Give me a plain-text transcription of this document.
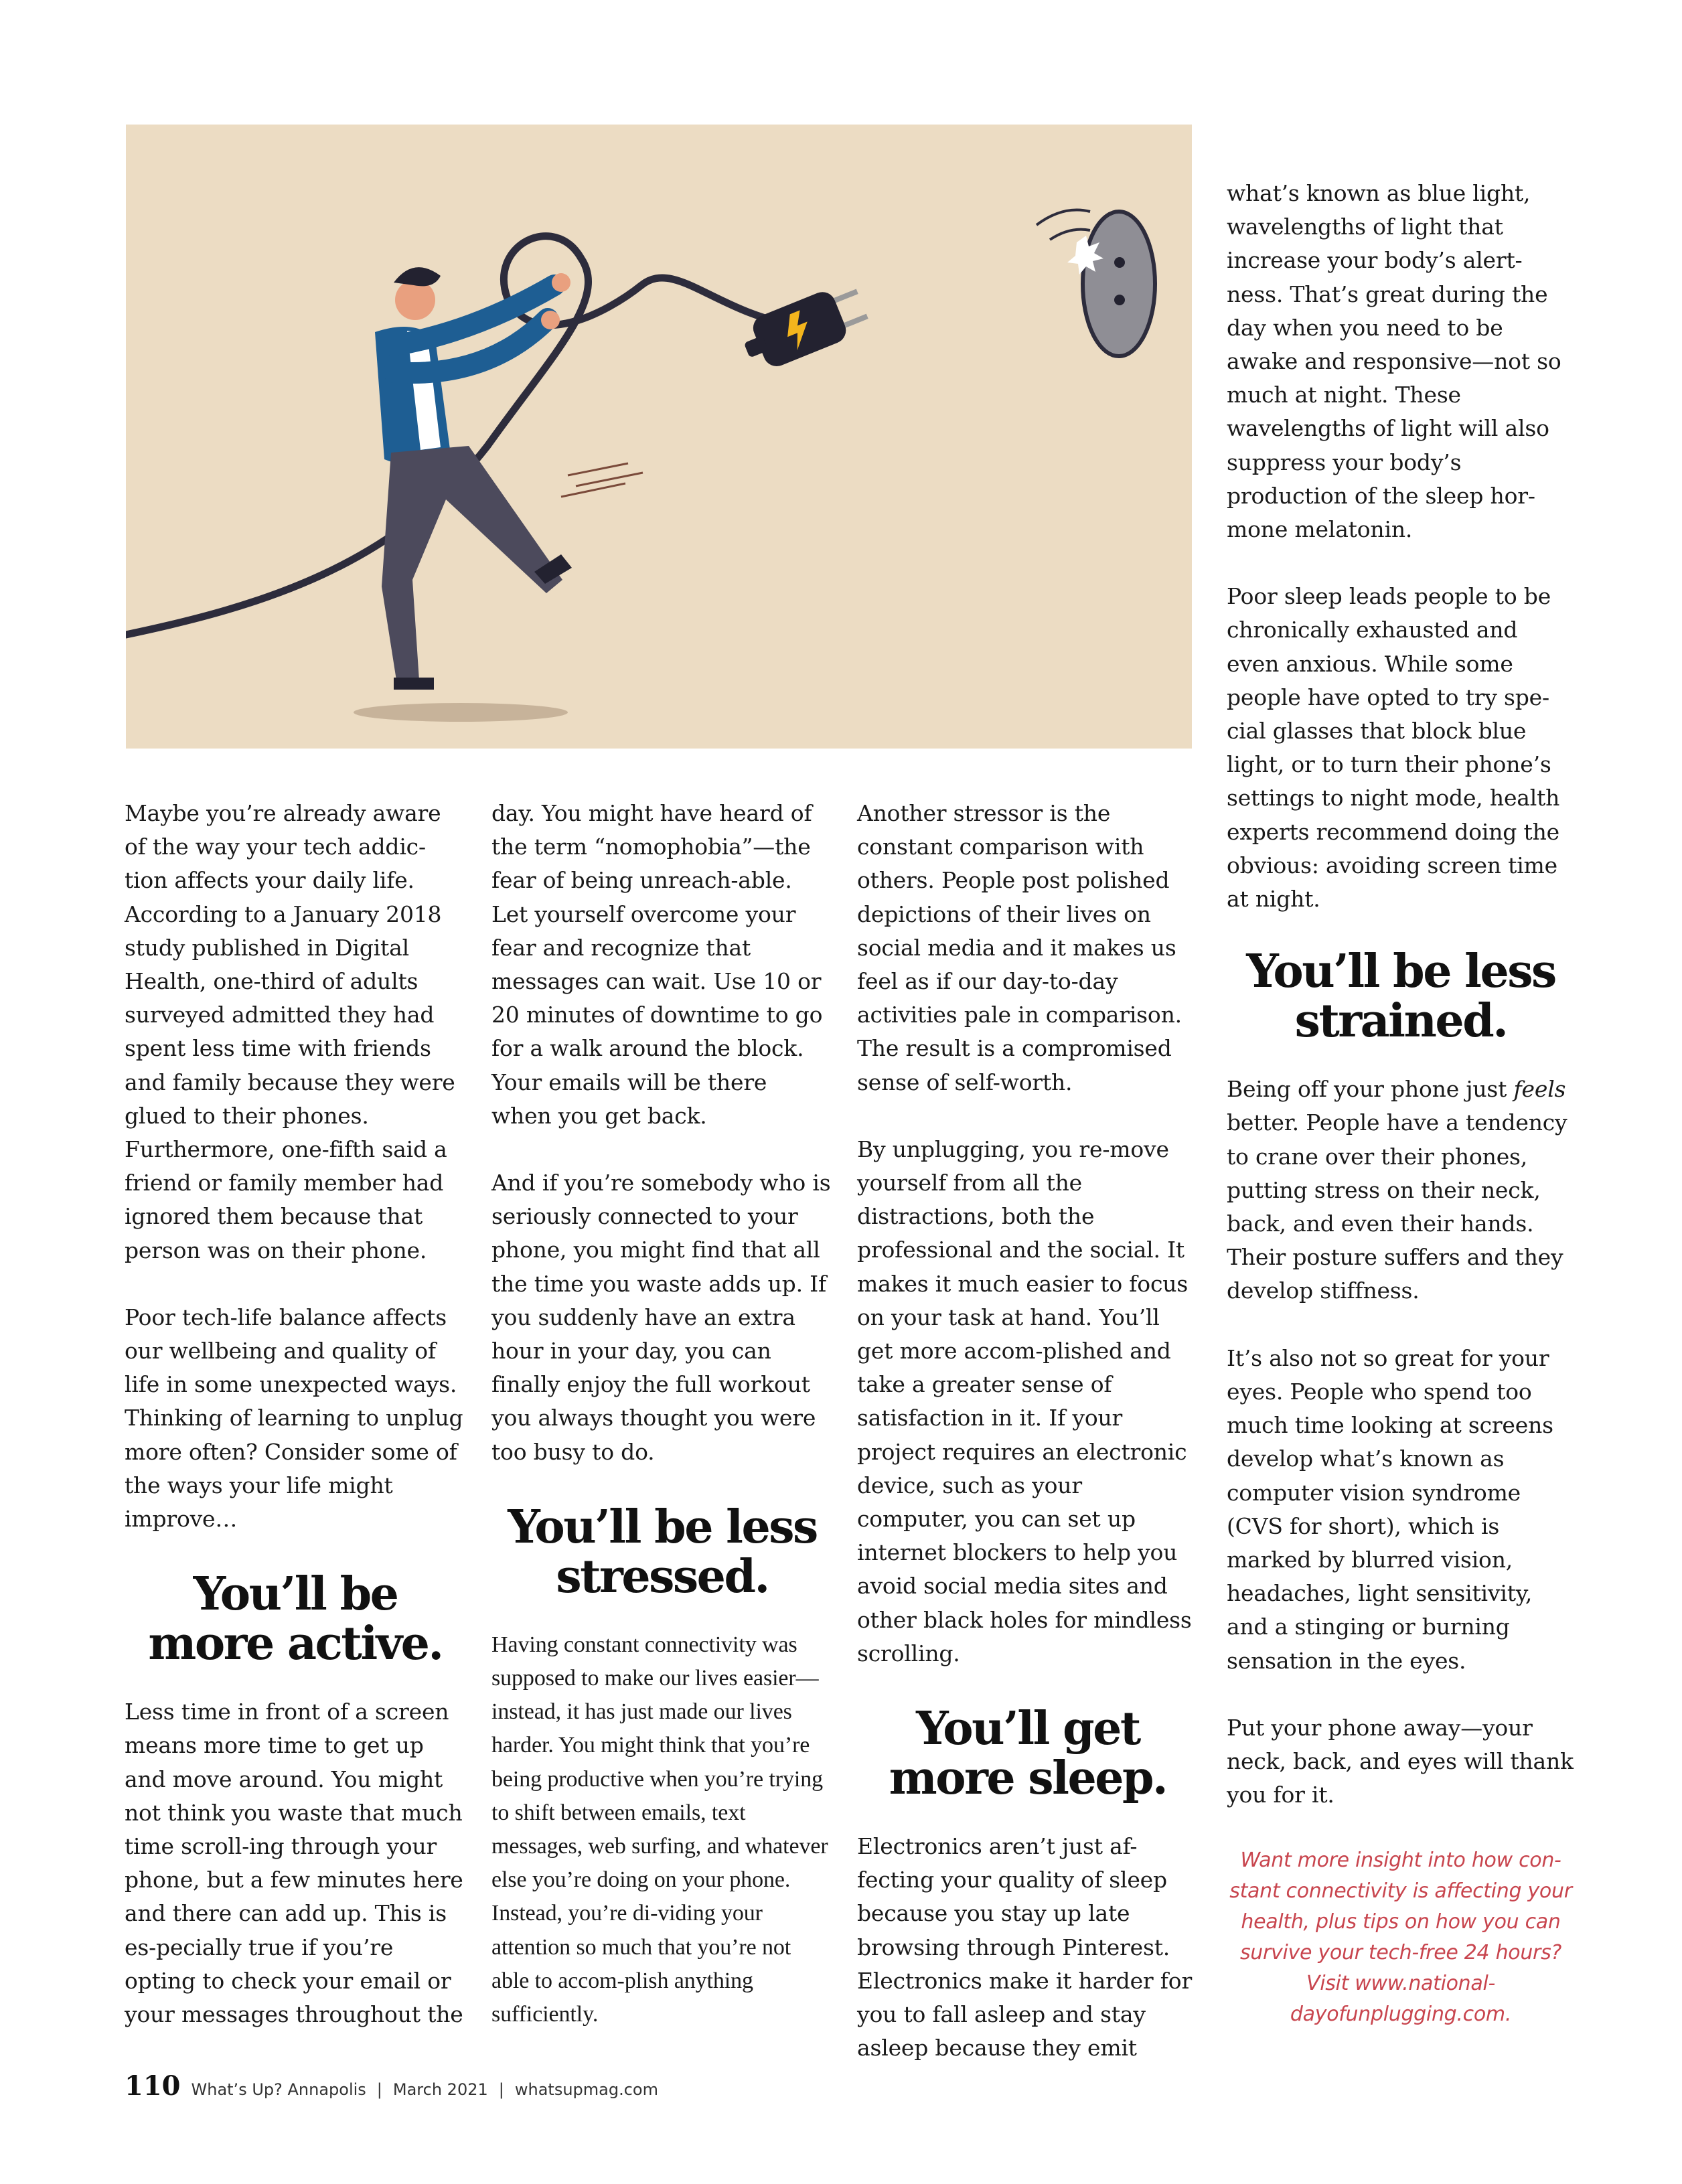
Maybe you’re already aware of the way your tech addic-tion affects your daily life. According to a January 2018 study published in Digital Health, one-third of adults surveyed admitted they had spent less time with friends and family because they were glued to their phones. Furthermore, one-fifth said a friend or family member had ignored them because that person was on their phone.

Poor tech-life balance affects our wellbeing and quality of life in some unexpected ways. Thinking of learning to unplug more often? Consider some of the ways your life might improve…

You’ll be
more active.

Less time in front of a screen means more time to get up and move around. You might not think you waste that much time scroll-ing through your phone, but a few minutes here and there can add up. This is es-pecially true if you’re opting to check your email or your messages throughout the

day. You might have heard of the term “nomophobia”—the fear of being unreach-able. Let yourself overcome your fear and recognize that messages can wait. Use 10 or 20 minutes of downtime to go for a walk around the block. Your emails will be there when you get back.

And if you’re somebody who is seriously connected to your phone, you might find that all the time you waste adds up. If you suddenly have an extra hour in your day, you can finally enjoy the full workout you always thought you were too busy to do.

You’ll be less
stressed.

Having constant connectivity was supposed to make our lives easier—instead, it has just made our lives harder. You might think that you’re being productive when you’re trying to shift between emails, text messages, web surfing, and whatever else you’re doing on your phone. Instead, you’re di-viding your attention so much that you’re not able to accom-plish anything sufficiently.

Another stressor is the constant comparison with others. People post polished depictions of their lives on social media and it makes us feel as if our day-to-day activities pale in comparison. The result is a compromised sense of self-worth.

By unplugging, you re-move yourself from all the distractions, both the professional and the social. It makes it much easier to focus on your task at hand. You’ll get more accom-plished and take a greater sense of satisfaction in it. If your project requires an electronic device, such as your computer, you can set up internet blockers to help you avoid social media sites and other black holes for mindless scrolling.

You’ll get
more sleep.

Electronics aren’t just af-fecting your quality of sleep because you stay up late browsing through Pinterest. Electronics make it harder for you to fall asleep and stay asleep because they emit

what’s known as blue light, wavelengths of light that increase your body’s alert-ness. That’s great during the day when you need to be awake and responsive—not so much at night. These wavelengths of light will also suppress your body’s production of the sleep hor-mone melatonin.

Poor sleep leads people to be chronically exhausted and even anxious. While some people have opted to try spe-cial glasses that block blue light, or to turn their phone’s settings to night mode, health experts recommend doing the obvious: avoiding screen time at night.

You’ll be less
strained.

Being off your phone just feels better. People have a tendency to crane over their phones, putting stress on their neck, back, and even their hands. Their posture suffers and they develop stiffness.

It’s also not so great for your eyes. People who spend too much time looking at screens develop what’s known as computer vision syndrome (CVS for short), which is marked by blurred vision, headaches, light sensitivity, and a stinging or burning sensation in the eyes.

Put your phone away—your neck, back, and eyes will thank you for it.

Want more insight into how con-stant connectivity is affecting your health, plus tips on how you can survive your tech-free 24 hours? Visit www.national-dayofunplugging.com.

110 What’s Up? Annapolis | March 2021 | whatsupmag.com
